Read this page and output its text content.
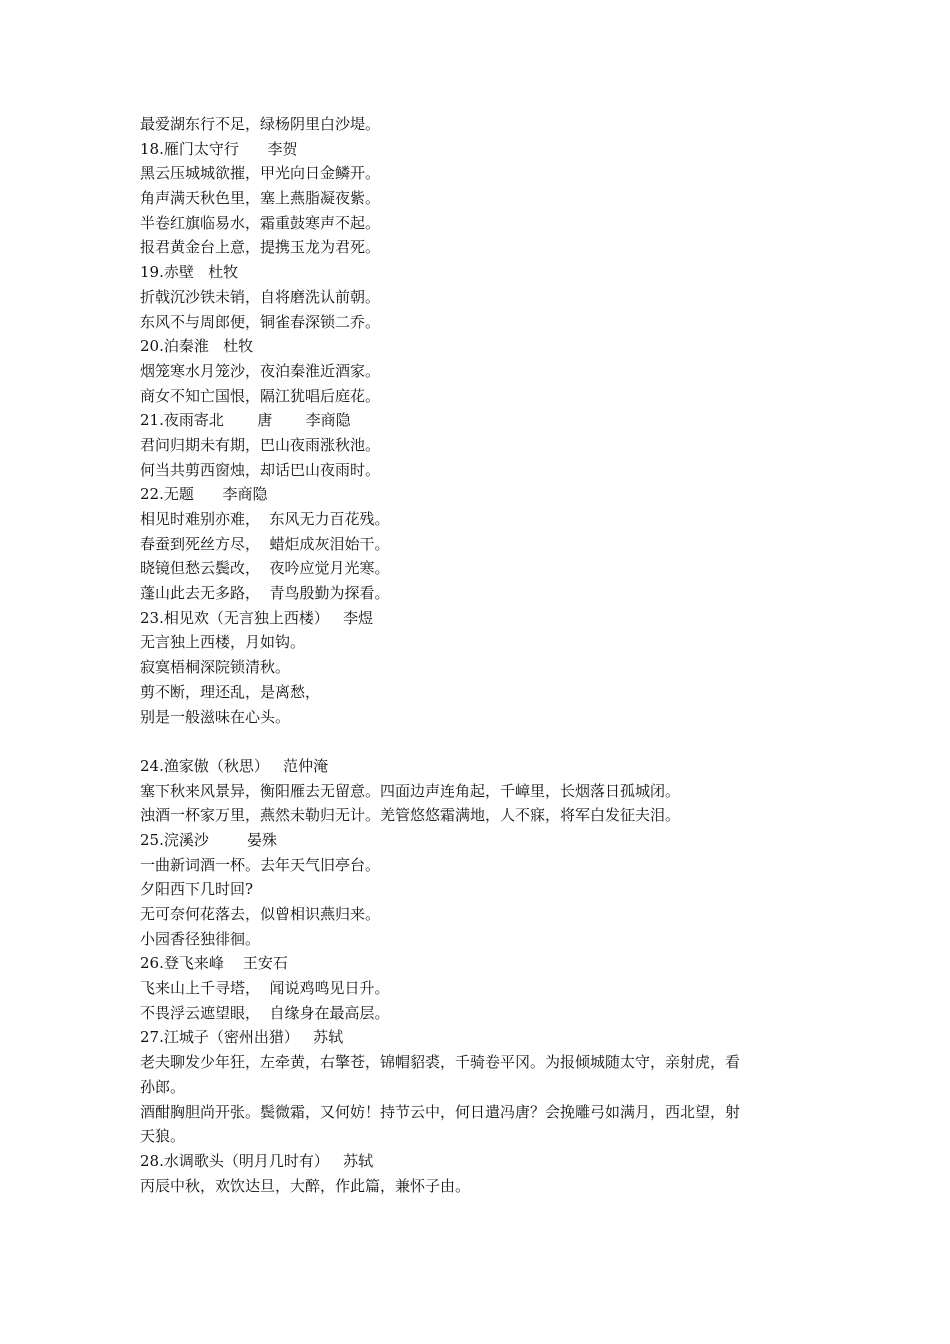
最爱湖东行不足，绿杨阴里白沙堤。
18.雁门太守行      李贺
黑云压城城欲摧，甲光向日金鳞开。
角声满天秋色里，塞上燕脂凝夜紫。
半卷红旗临易水，霜重鼓寒声不起。
报君黄金台上意，提携玉龙为君死。
19.赤壁   杜牧
折戟沉沙铁未销，自将磨洗认前朝。
东风不与周郎便，铜雀春深锁二乔。
20.泊秦淮   杜牧
烟笼寒水月笼沙，夜泊秦淮近酒家。
商女不知亡国恨，隔江犹唱后庭花。
21.夜雨寄北       唐       李商隐
君问归期未有期，巴山夜雨涨秋池。
何当共剪西窗烛，却话巴山夜雨时。
22.无题      李商隐
相见时难别亦难，  东风无力百花残。
春蚕到死丝方尽，  蜡炬成灰泪始干。
晓镜但愁云鬓改，  夜吟应觉月光寒。
蓬山此去无多路，  青鸟殷勤为探看。
23.相见欢（无言独上西楼）   李煜
无言独上西楼，月如钩。
寂寞梧桐深院锁清秋。
剪不断，理还乱，是离愁，
别是一般滋味在心头。
24.渔家傲（秋思）   范仲淹
塞下秋来风景异，衡阳雁去无留意。四面边声连角起，千嶂里，长烟落日孤城闭。
浊酒一杯家万里，燕然未勒归无计。羌管悠悠霜满地，人不寐，将军白发征夫泪。
25.浣溪沙        晏殊
一曲新词酒一杯。去年天气旧亭台。
夕阳西下几时回?
无可奈何花落去，似曾相识燕归来。
小园香径独徘徊。
26.登飞来峰    王安石
飞来山上千寻塔，  闻说鸡鸣见日升。
不畏浮云遮望眼，  自缘身在最高层。
27.江城子（密州出猎）   苏轼
老夫聊发少年狂，左牵黄，右擎苍，锦帽貂裘，千骑卷平冈。为报倾城随太守，亲射虎，看
孙郎。
酒酣胸胆尚开张。鬓微霜，又何妨！持节云中，何日遣冯唐？会挽雕弓如满月，西北望，射
天狼。
28.水调歌头（明月几时有）   苏轼
丙辰中秋，欢饮达旦，大醉，作此篇，兼怀子由。
